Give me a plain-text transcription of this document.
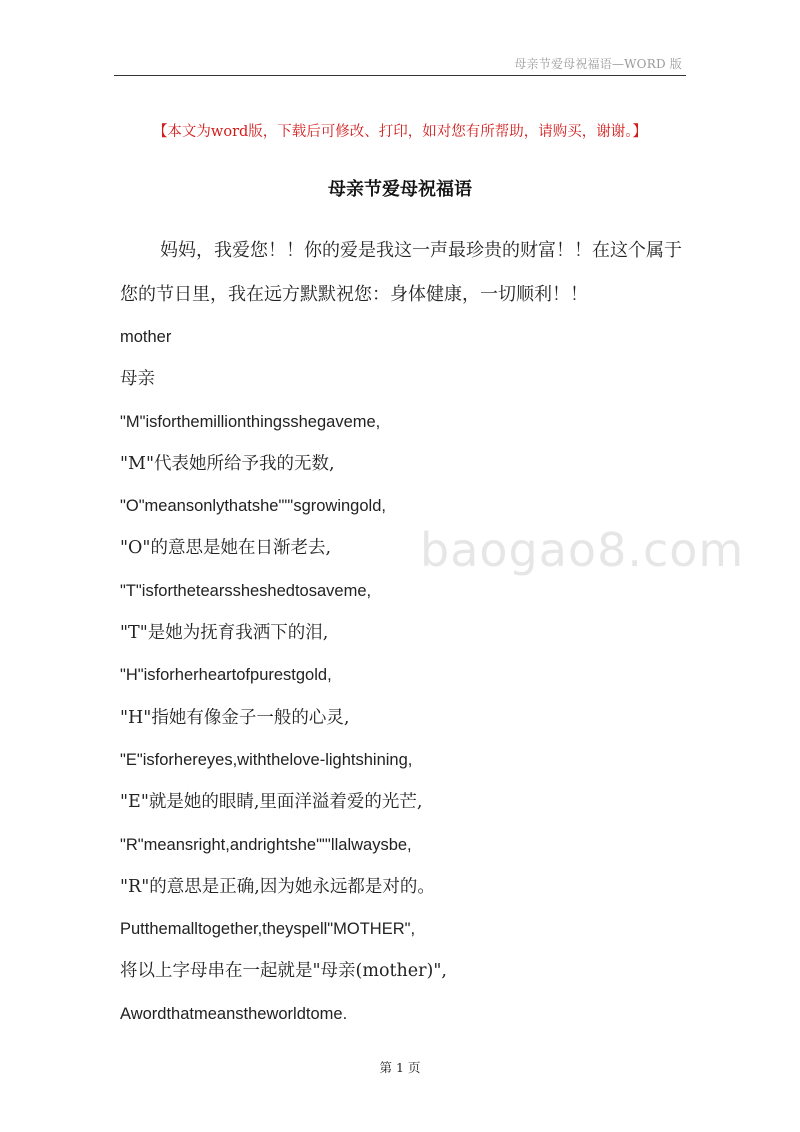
母亲节爱母祝福语—WORD 版
【本文为word版，下载后可修改、打印，如对您有所帮助，请购买，谢谢。】
母亲节爱母祝福语
妈妈，我爱您！！你的爱是我这一声最珍贵的财富！！在这个属于您的节日里，我在远方默默祝您：身体健康，一切顺利！！
mother
母亲
"M"isforthemillionthingsshegaveme,
"M"代表她所给予我的无数,
"O"meansonlythatshe""'sgrowingold,
"O"的意思是她在日渐老去,
"T"isforthetearssheshedtosaveme,
"T"是她为抚育我洒下的泪,
"H"isforherheartofpurestgold,
"H"指她有像金子一般的心灵,
"E"isforhereyes,withthelove-lightshining,
"E"就是她的眼睛,里面洋溢着爱的光芒,
"R"meansright,andrightshe""'llalwaysbe,
"R"的意思是正确,因为她永远都是对的。
Putthemalltogether,theyspell"MOTHER",
将以上字母串在一起就是"母亲(mother)",
Awordthatmeanstheworldtome.
baogao8.com
第 1 页
